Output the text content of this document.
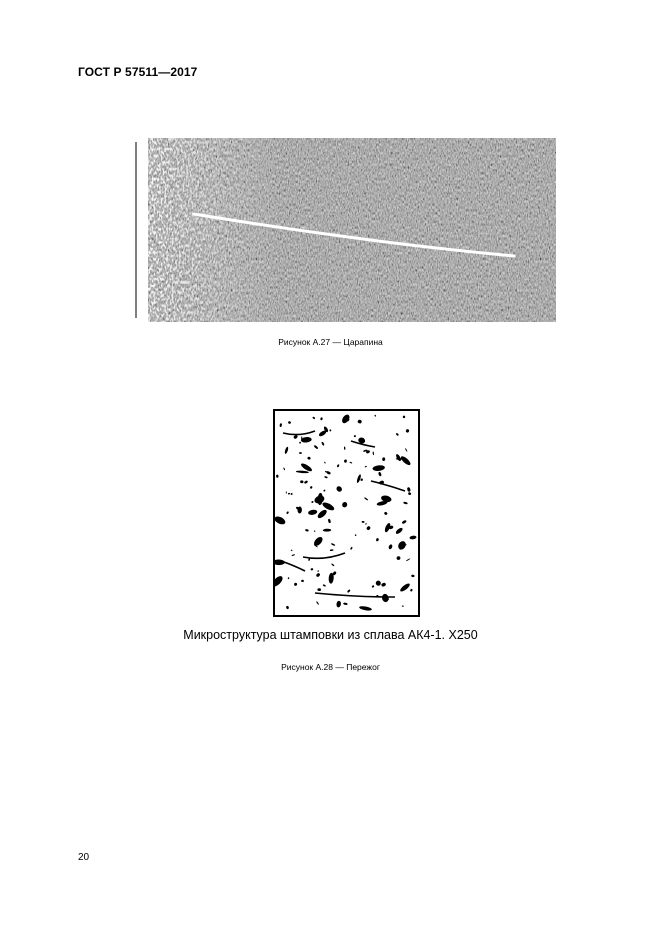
ГОСТ Р 57511—2017
Рисунок А.27 — Царапина
Микроструктура штамповки из сплава АК4-1. Х250
Рисунок А.28 — Пережог
20
